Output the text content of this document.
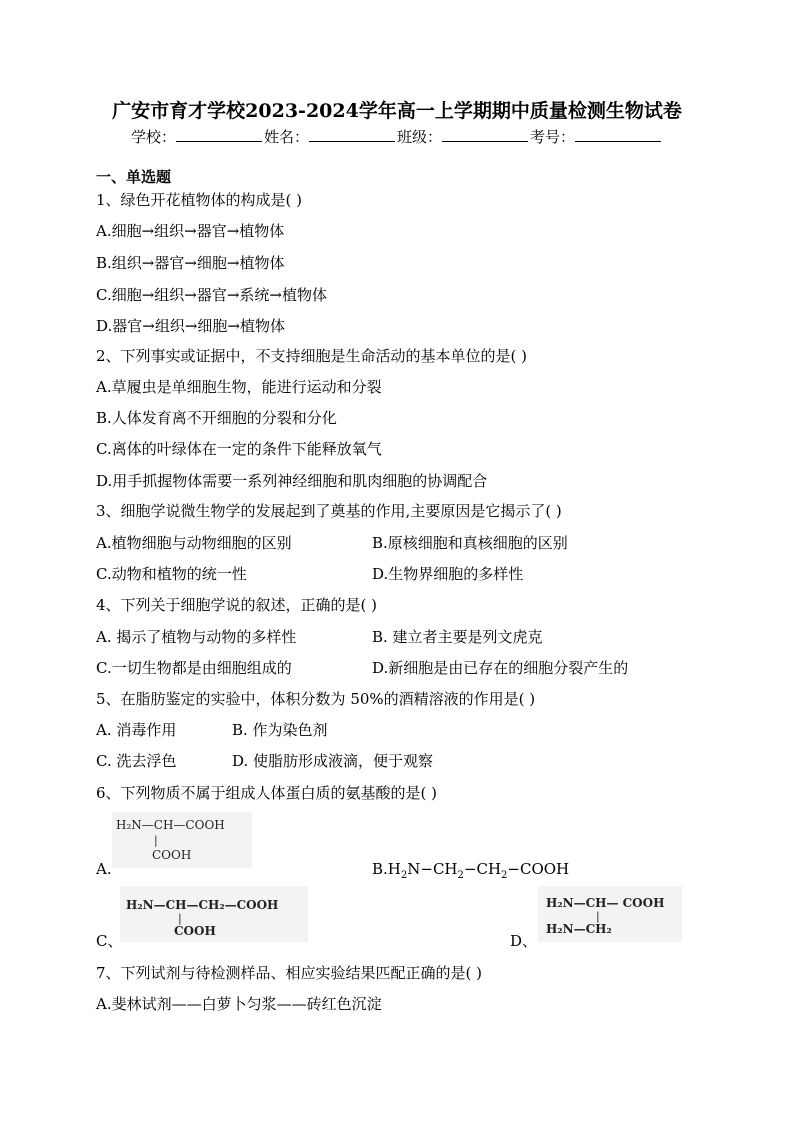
广安市育才学校2023-2024学年高一上学期期中质量检测生物试卷
学校：	姓名：	班级：	考号：
一、单选题
1、绿色开花植物体的构成是( )
A.细胞→组织→器官→植物体
B.组织→器官→细胞→植物体
C.细胞→组织→器官→系统→植物体
D.器官→组织→细胞→植物体
2、下列事实或证据中，不支持细胞是生命活动的基本单位的是( )
A.草履虫是单细胞生物，能进行运动和分裂
B.人体发育离不开细胞的分裂和分化
C.离体的叶绿体在一定的条件下能释放氧气
D.用手抓握物体需要一系列神经细胞和肌肉细胞的协调配合
3、细胞学说微生物学的发展起到了奠基的作用,主要原因是它揭示了( )
A.植物细胞与动物细胞的区别	B.原核细胞和真核细胞的区别
C.动物和植物的统一性	D.生物界细胞的多样性
4、下列关于细胞学说的叙述，正确的是( )
A. 揭示了植物与动物的多样性	B. 建立者主要是列文虎克
C.一切生物都是由细胞组成的	D.新细胞是由已存在的细胞分裂产生的
5、在脂肪鉴定的实验中，体积分数为 50%的酒精溶液的作用是( )
A. 消毒作用	B. 作为染色剂
C. 洗去浮色	D. 使脂肪形成液滴，便于观察
6、下列物质不属于组成人体蛋白质的氨基酸的是( )
H₂N—CH—COOH
|
COOH
A.	$B.H_2N-CH_2-CH_2-COOH$
H₂N—CH—CH₂—COOH
|
COOH
C、
H₂N—CH— COOH
|
H₂N—CH₂
D、
7、下列试剂与待检测样品、相应实验结果匹配正确的是( )
A.斐林试剂——白萝卜匀浆——砖红色沉淀
